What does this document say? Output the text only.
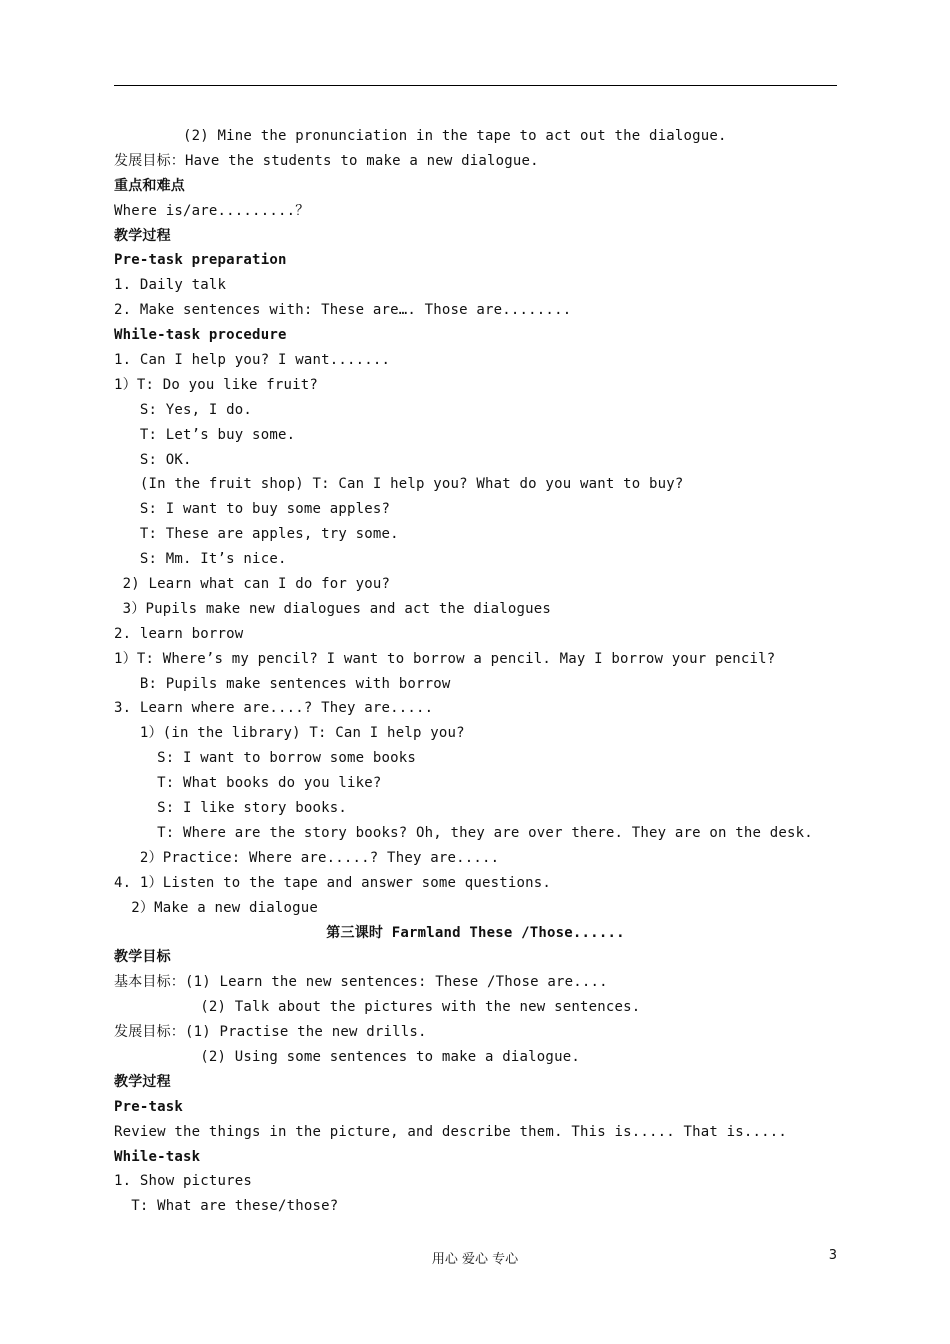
(2) Mine the pronunciation in the tape to act out the dialogue.
发展目标：Have the students to make a new dialogue.
重点和难点
Where is/are.........？
教学过程
Pre-task preparation
1. Daily talk
2. Make sentences with: These are…. Those are........
While-task procedure
1. Can I help you? I want.......
1）T: Do you like fruit?
S: Yes, I do.
T: Let’s buy some.
S: OK.
(In the fruit shop) T: Can I help you? What do you want to buy?
S: I want to buy some apples?
T: These are apples, try some.
S: Mm. It’s nice.
2) Learn what can I do for you?
3）Pupils make new dialogues and act the dialogues
2. learn borrow
1）T: Where’s my pencil? I want to borrow a pencil. May I borrow your pencil?
B: Pupils make sentences with borrow
3. Learn where are....? They are.....
1）(in the library) T: Can I help you?
S: I want to borrow some books
T: What books do you like?
S: I like story books.
T: Where are the story books? Oh, they are over there. They are on the desk.
2）Practice: Where are.....? They are.....
4. 1）Listen to the tape and answer some questions.
2）Make a new dialogue
第三课时 Farmland These /Those......
教学目标
基本目标：(1) Learn the new sentences: These /Those are....
(2) Talk about the pictures with the new sentences.
发展目标：(1) Practise the new drills.
(2) Using some sentences to make a dialogue.
教学过程
Pre-task
Review the things in the picture, and describe them. This is..... That is.....
While-task
1. Show pictures
T: What are these/those?
用心 爱心 专心	3
